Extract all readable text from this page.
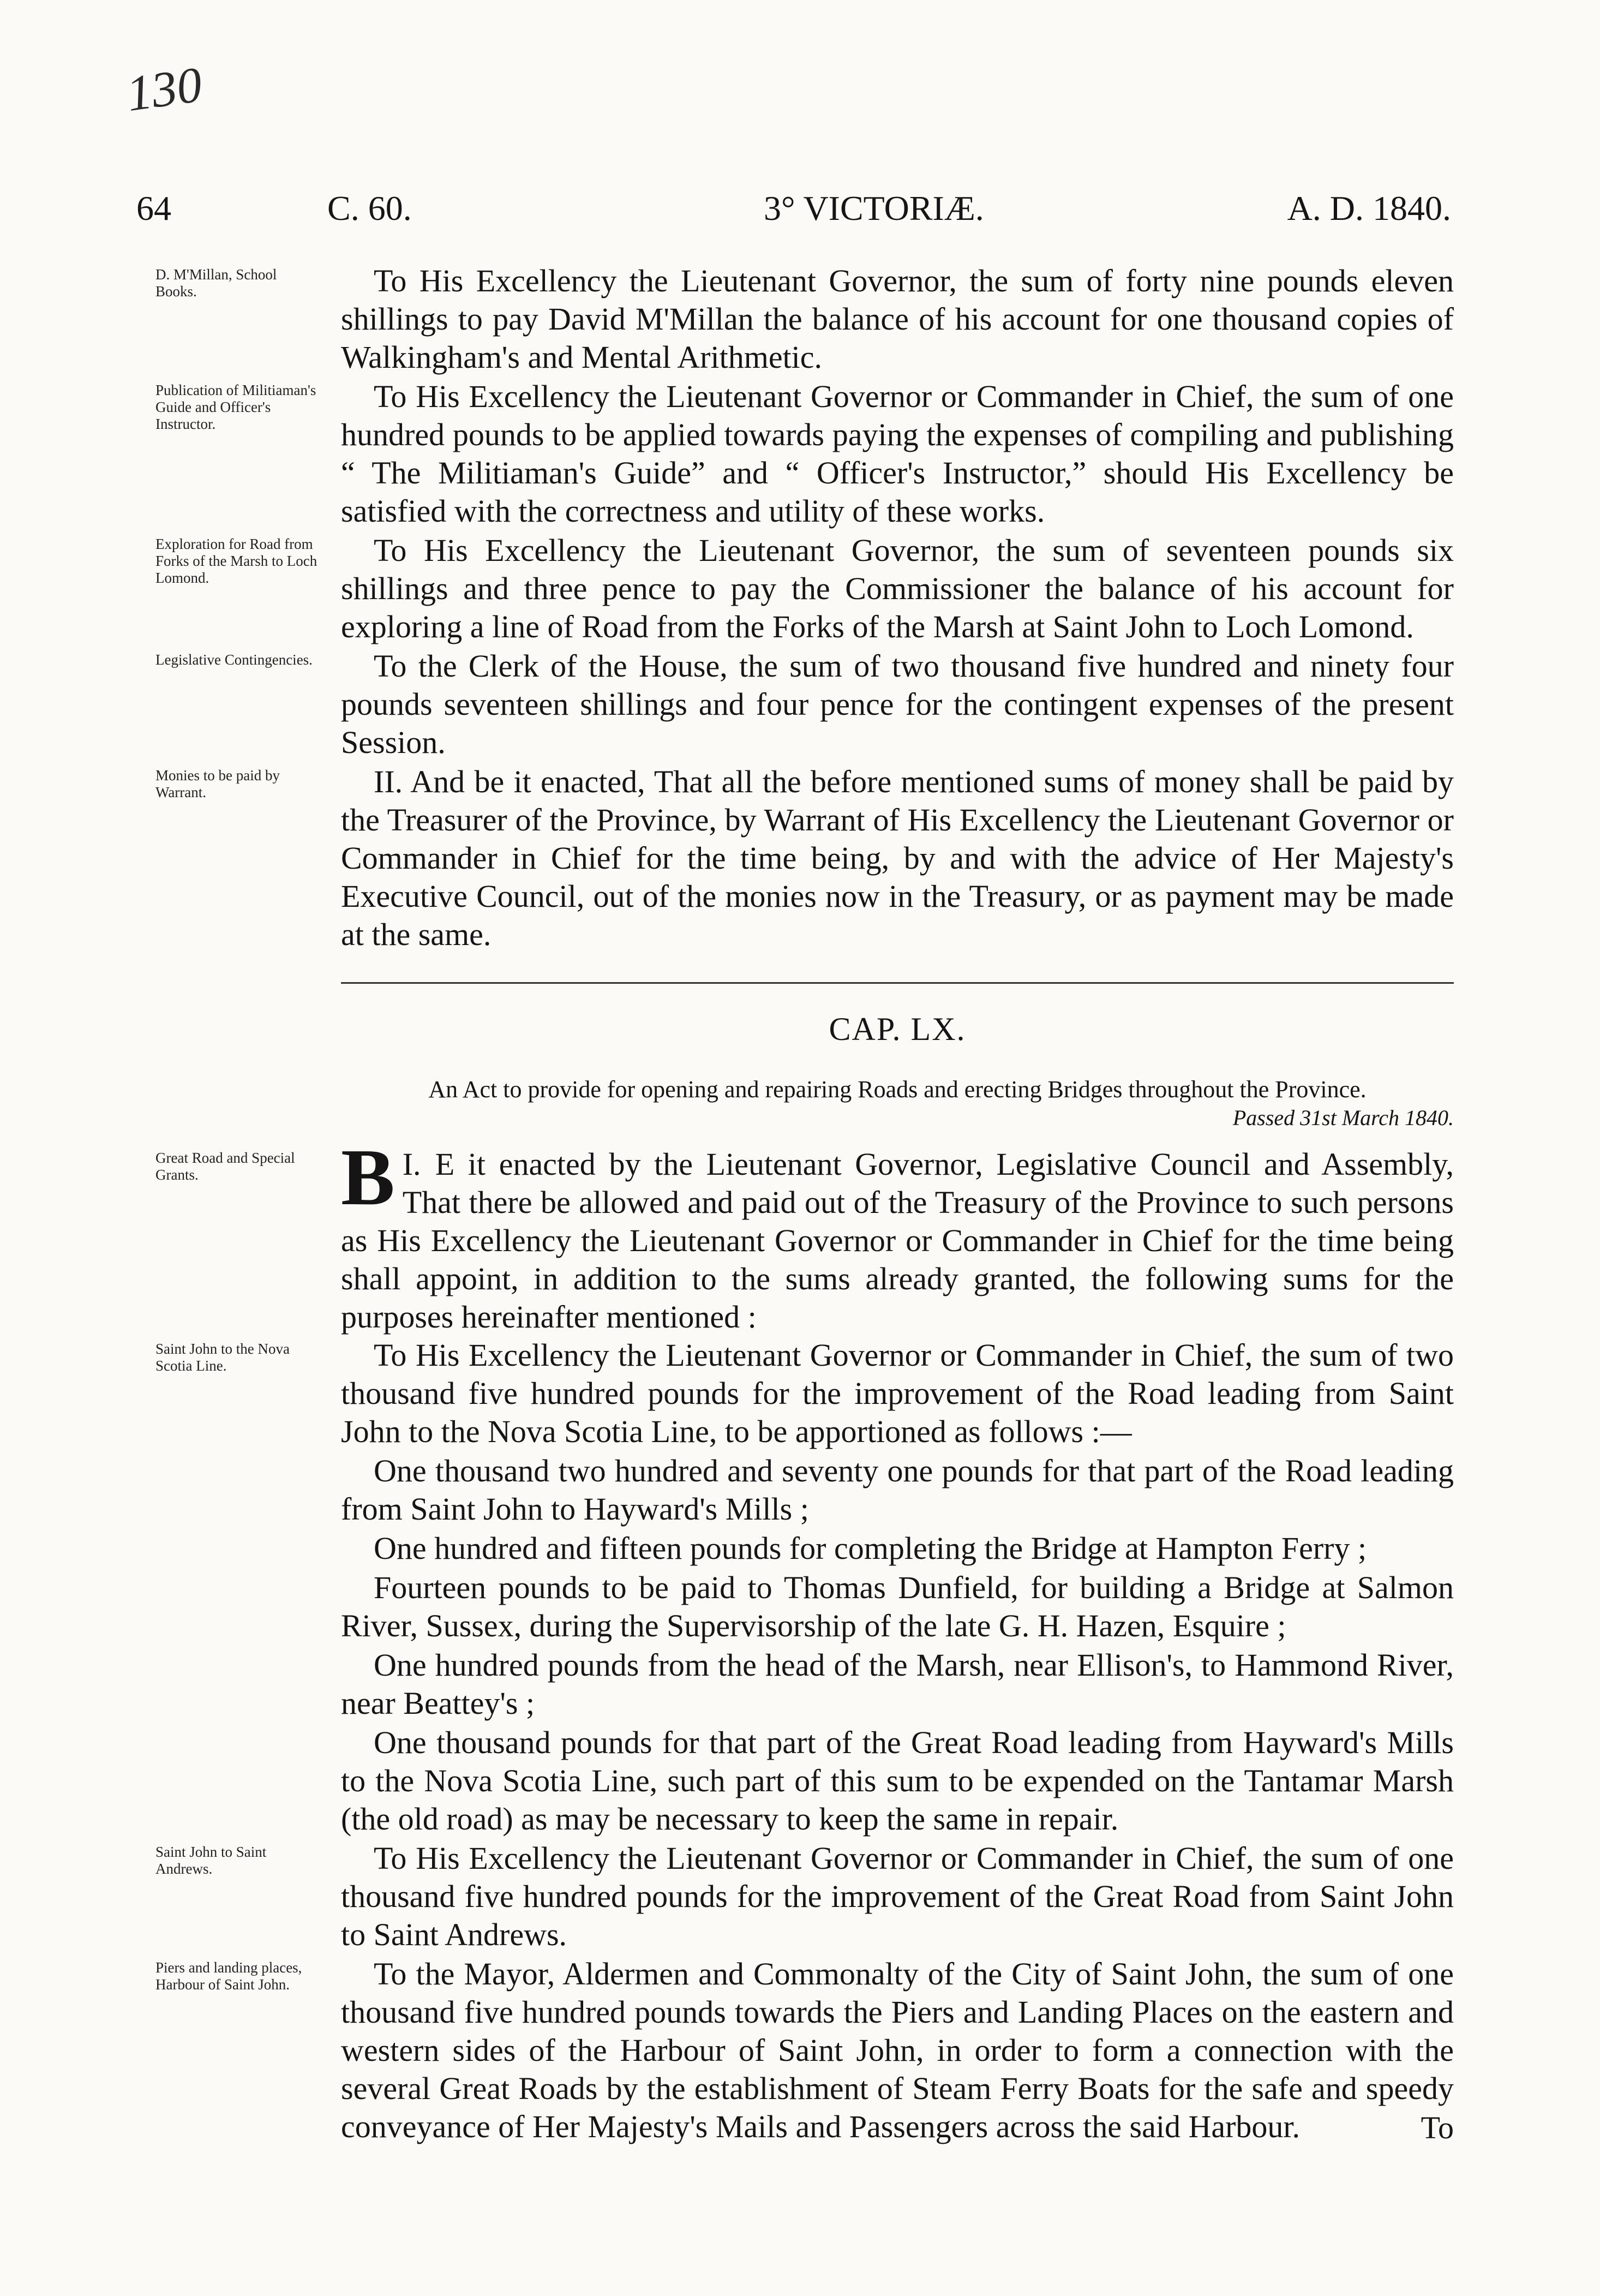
130
64	C. 60.	3° VICTORIÆ.	A. D. 1840.
D. M'Millan, School Books.	To His Excellency the Lieutenant Governor, the sum of forty nine pounds eleven shillings to pay David M'Millan the balance of his account for one thousand copies of Walkingham's and Mental Arithmetic.
Publication of Militiaman's Guide and Officer's Instructor.
To His Excellency the Lieutenant Governor or Commander in Chief, the sum of one hundred pounds to be applied towards paying the expenses of compiling and publishing “ The Militiaman's Guide” and “ Officer's Instructor,” should His Excellency be satisfied with the correctness and utility of these works.
Exploration for Road from Forks of the Marsh to Loch Lomond.
To His Excellency the Lieutenant Governor, the sum of seventeen pounds six shillings and three pence to pay the Commissioner the balance of his account for exploring a line of Road from the Forks of the Marsh at Saint John to Loch Lomond.
Legislative Contingencies. To the Clerk of the House, the sum of two thousand five hundred and ninety four pounds seventeen shillings and four pence for the contingent expenses of the present Session.
Monies to be paid by Warrant.	II. And be it enacted, That all the before mentioned sums of money shall be paid by the Treasurer of the Province, by Warrant of His Excellency the Lieutenant Governor or Commander in Chief for the time being, by and with the advice of Her Majesty's Executive Council, out of the monies now in the Treasury, or as payment may be made at the same.
CAP. LX.
An Act to provide for opening and repairing Roads and erecting Bridges throughout the Province.
Passed 31st March 1840.
Great Road and Special Grants.	I.
B E it enacted by the Lieutenant Governor, Legislative Council and Assembly, That there be allowed and paid out of the Treasury of the Province to such persons as His Excellency the Lieutenant Governor or Commander in Chief for the time being shall appoint, in addition to the sums already granted, the following sums for the purposes hereinafter mentioned :
Saint John to the Nova Scotia Line.	To His Excellency the Lieutenant Governor or Commander in Chief, the sum of two thousand five hundred pounds for the improvement of the Road leading from Saint John to the Nova Scotia Line, to be apportioned as follows :—
One thousand two hundred and seventy one pounds for that part of the Road leading from Saint John to Hayward's Mills ;
One hundred and fifteen pounds for completing the Bridge at Hampton Ferry ;
Fourteen pounds to be paid to Thomas Dunfield, for building a Bridge at Salmon River, Sussex, during the Supervisorship of the late G. H. Hazen, Esquire ;
One hundred pounds from the head of the Marsh, near Ellison's, to Hammond River, near Beattey's ;
One thousand pounds for that part of the Great Road leading from Hayward's Mills to the Nova Scotia Line, such part of this sum to be expended on the Tantamar Marsh (the old road) as may be necessary to keep the same in repair.
Saint John to Saint Andrews.	To His Excellency the Lieutenant Governor or Commander in Chief, the sum of one thousand five hundred pounds for the improvement of the Great Road from Saint John to Saint Andrews.
Piers and landing places, Harbour of Saint John.	To the Mayor, Aldermen and Commonalty of the City of Saint John, the sum of one thousand five hundred pounds towards the Piers and Landing Places on the eastern and western sides of the Harbour of Saint John, in order to form a connection with the several Great Roads by the establishment of Steam Ferry Boats for the safe and speedy conveyance of Her Majesty's Mails and Passengers across the said Harbour.	To
